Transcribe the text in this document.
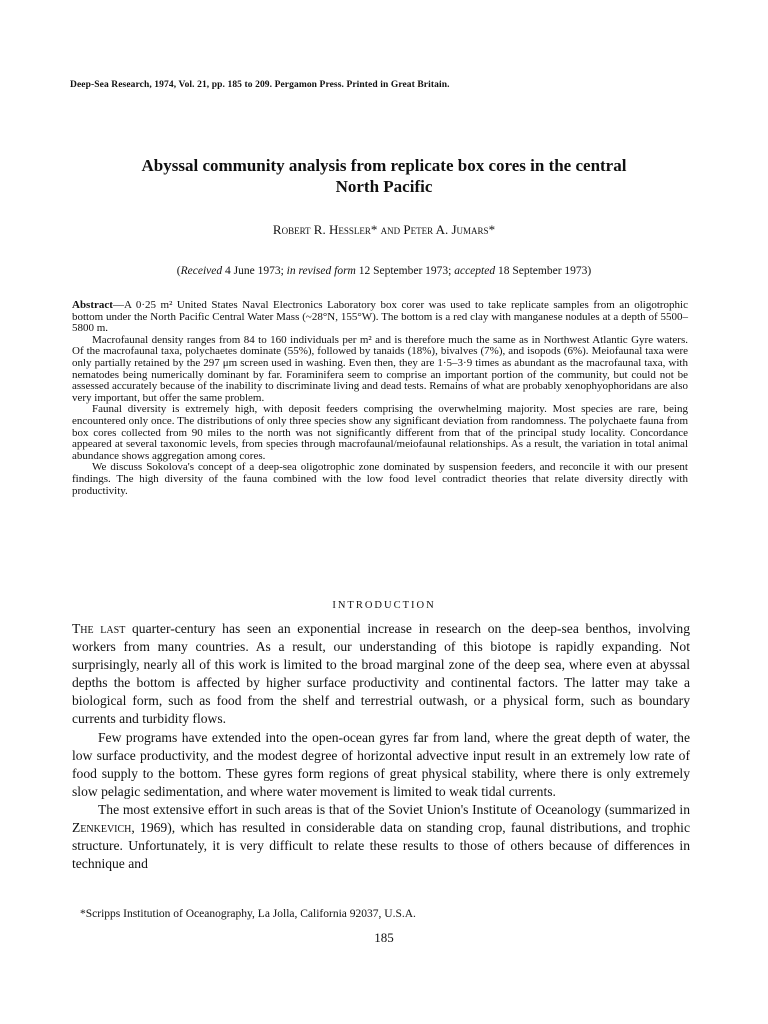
Deep-Sea Research, 1974, Vol. 21, pp. 185 to 209. Pergamon Press. Printed in Great Britain.
Abyssal community analysis from replicate box cores in the central
North Pacific
Robert R. Hessler* and Peter A. Jumars*
(Received 4 June 1973; in revised form 12 September 1973; accepted 18 September 1973)

Abstract—A 0·25 m² United States Naval Electronics Laboratory box corer was used to take replicate samples from an oligotrophic bottom under the North Pacific Central Water Mass (~28°N, 155°W). The bottom is a red clay with manganese nodules at a depth of 5500–5800 m.

Macrofaunal density ranges from 84 to 160 individuals per m² and is therefore much the same as in Northwest Atlantic Gyre waters. Of the macrofaunal taxa, polychaetes dominate (55%), followed by tanaids (18%), bivalves (7%), and isopods (6%). Meiofaunal taxa were only partially retained by the 297 μm screen used in washing. Even then, they are 1·5–3·9 times as abundant as the macrofaunal taxa, with nematodes being numerically dominant by far. Foraminifera seem to comprise an important portion of the community, but could not be assessed accurately because of the inability to discriminate living and dead tests. Remains of what are probably xenophyophoridans are also very important, but offer the same problem.

Faunal diversity is extremely high, with deposit feeders comprising the overwhelming majority. Most species are rare, being encountered only once. The distributions of only three species show any significant deviation from randomness. The polychaete fauna from box cores collected from 90 miles to the north was not significantly different from that of the principal study locality. Concordance appeared at several taxonomic levels, from species through macrofaunal/meiofaunal relationships. As a result, the variation in total animal abundance shows aggregation among cores.

We discuss Sokolova's concept of a deep-sea oligotrophic zone dominated by suspension feeders, and reconcile it with our present findings. The high diversity of the fauna combined with the low food level contradict theories that relate diversity directly with productivity.

INTRODUCTION

The last quarter-century has seen an exponential increase in research on the deep-sea benthos, involving workers from many countries. As a result, our understanding of this biotope is rapidly expanding. Not surprisingly, nearly all of this work is limited to the broad marginal zone of the deep sea, where even at abyssal depths the bottom is affected by higher surface productivity and continental factors. The latter may take a biological form, such as food from the shelf and terrestrial outwash, or a physical form, such as boundary currents and turbidity flows.

Few programs have extended into the open-ocean gyres far from land, where the great depth of water, the low surface productivity, and the modest degree of horizontal advective input result in an extremely low rate of food supply to the bottom. These gyres form regions of great physical stability, where there is only extremely slow pelagic sedimentation, and where water movement is limited to weak tidal currents.

The most extensive effort in such areas is that of the Soviet Union's Institute of Oceanology (summarized in Zenkevich, 1969), which has resulted in considerable data on standing crop, faunal distributions, and trophic structure. Unfortunately, it is very difficult to relate these results to those of others because of differences in technique and

*Scripps Institution of Oceanography, La Jolla, California 92037, U.S.A.
185
